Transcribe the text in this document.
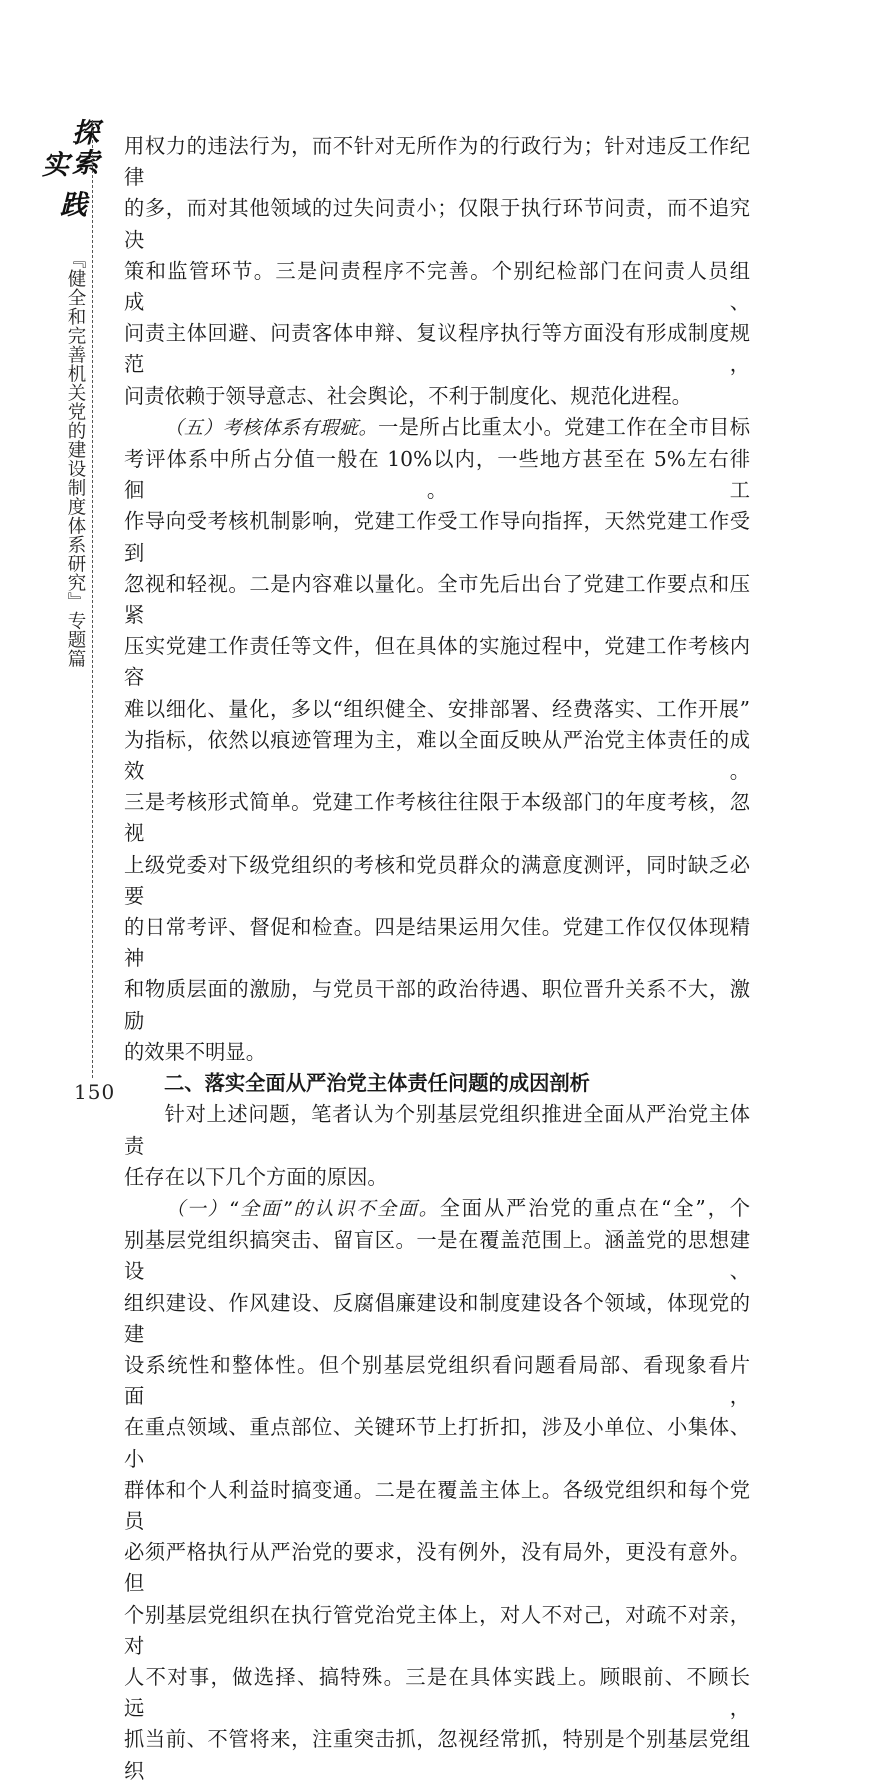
探
索
实
践
『健全和完善机关党的建设制度体系研究』专题篇
150

用权力的违法行为，而不针对无所作为的行政行为；针对违反工作纪律

的多，而对其他领域的过失问责小；仅限于执行环节问责，而不追究决

策和监管环节。三是问责程序不完善。个别纪检部门在问责人员组成、

问责主体回避、问责客体申辩、复议程序执行等方面没有形成制度规范，

问责依赖于领导意志、社会舆论，不利于制度化、规范化进程。

（五）考核体系有瑕疵。一是所占比重太小。党建工作在全市目标

考评体系中所占分值一般在 10%以内，一些地方甚至在 5%左右徘徊。工

作导向受考核机制影响，党建工作受工作导向指挥，天然党建工作受到

忽视和轻视。二是内容难以量化。全市先后出台了党建工作要点和压紧

压实党建工作责任等文件，但在具体的实施过程中，党建工作考核内容

难以细化、量化，多以“组织健全、安排部署、经费落实、工作开展”

为指标，依然以痕迹管理为主，难以全面反映从严治党主体责任的成效。

三是考核形式简单。党建工作考核往往限于本级部门的年度考核，忽视

上级党委对下级党组织的考核和党员群众的满意度测评，同时缺乏必要

的日常考评、督促和检查。四是结果运用欠佳。党建工作仅仅体现精神

和物质层面的激励，与党员干部的政治待遇、职位晋升关系不大，激励

的效果不明显。

二、落实全面从严治党主体责任问题的成因剖析

针对上述问题，笔者认为个别基层党组织推进全面从严治党主体责

任存在以下几个方面的原因。

（一）“全面”的认识不全面。全面从严治党的重点在“全”，个

别基层党组织搞突击、留盲区。一是在覆盖范围上。涵盖党的思想建设、

组织建设、作风建设、反腐倡廉建设和制度建设各个领域，体现党的建

设系统性和整体性。但个别基层党组织看问题看局部、看现象看片面，

在重点领域、重点部位、关键环节上打折扣，涉及小单位、小集体、小

群体和个人利益时搞变通。二是在覆盖主体上。各级党组织和每个党员

必须严格执行从严治党的要求，没有例外，没有局外，更没有意外。但

个别基层党组织在执行管党治党主体上，对人不对己，对疏不对亲，对

人不对事，做选择、搞特殊。三是在具体实践上。顾眼前、不顾长远，

抓当前、不管将来，注重突击抓，忽视经常抓，特别是个别基层党组织
